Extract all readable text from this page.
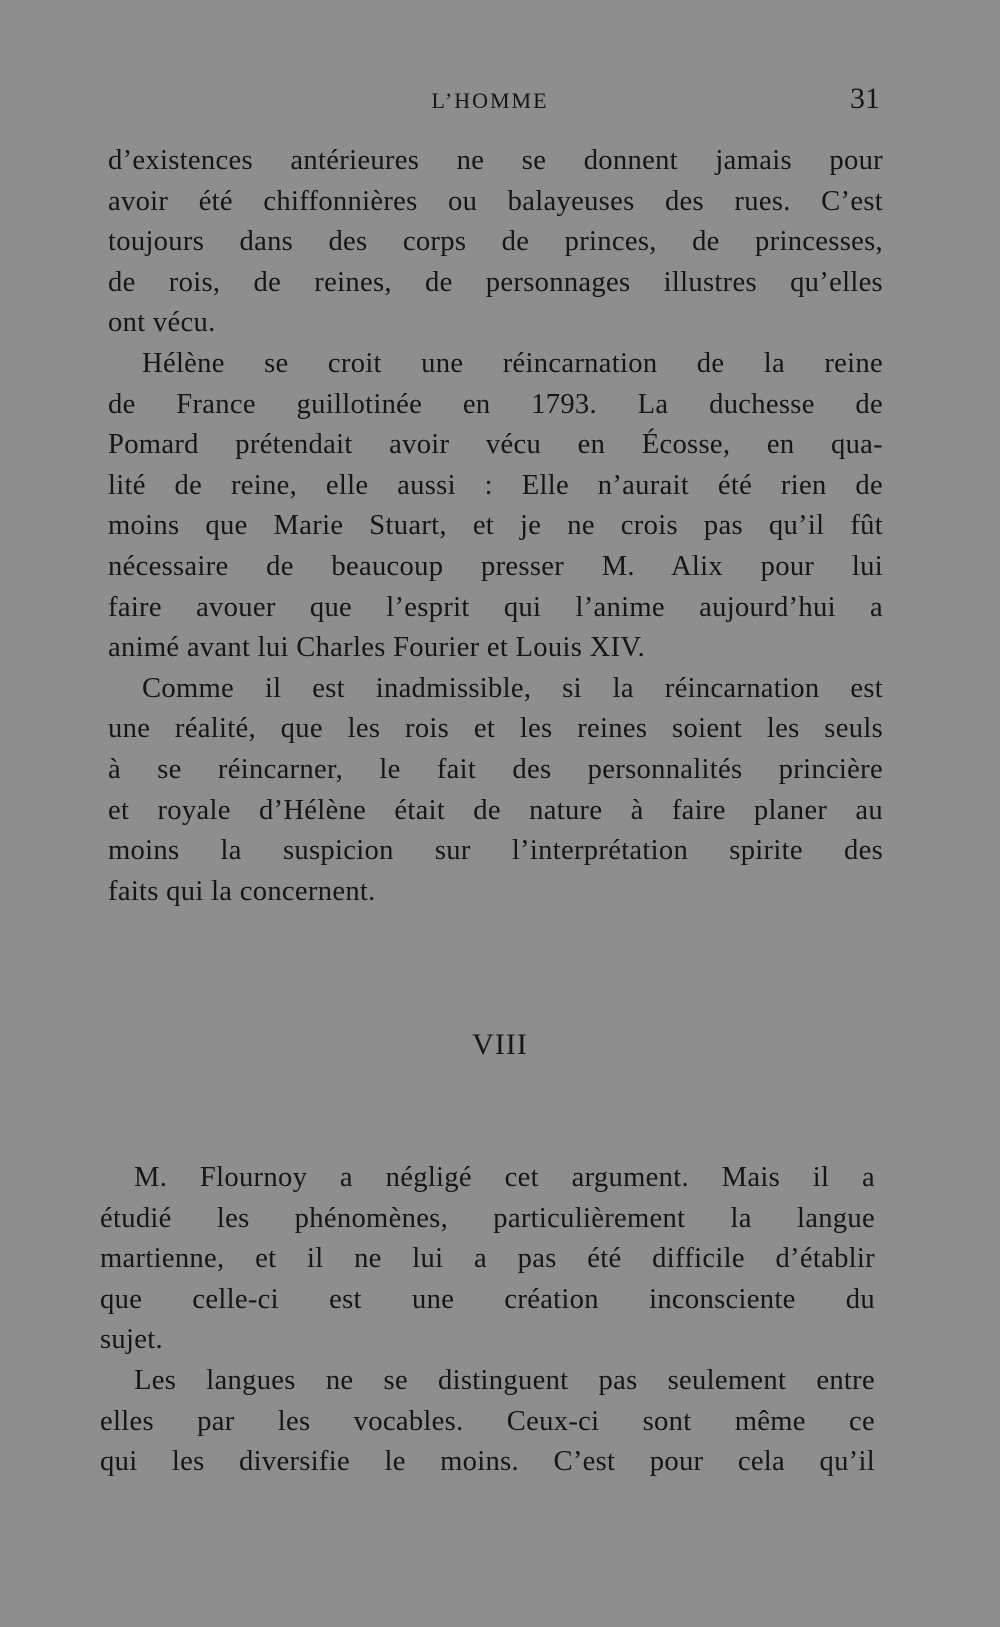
L’HOMME	31
d’existences antérieures ne se donnent jamais pour
avoir été chiffonnières ou balayeuses des rues. C’est
toujours dans des corps de princes, de princesses,
de rois, de reines, de personnages illustres qu’elles
ont vécu.
Hélène se croit une réincarnation de la reine
de France guillotinée en 1793. La duchesse de
Pomard prétendait avoir vécu en Écosse, en qua-
lité de reine, elle aussi : Elle n’aurait été rien de
moins que Marie Stuart, et je ne crois pas qu’il fût
nécessaire de beaucoup presser M. Alix pour lui
faire avouer que l’esprit qui l’anime aujourd’hui a
animé avant lui Charles Fourier et Louis XIV.
Comme il est inadmissible, si la réincarnation est
une réalité, que les rois et les reines soient les seuls
à se réincarner, le fait des personnalités princière
et royale d’Hélène était de nature à faire planer au
moins la suspicion sur l’interprétation spirite des
faits qui la concernent.
VIII
M. Flournoy a négligé cet argument. Mais il a
étudié les phénomènes, particulièrement la langue
martienne, et il ne lui a pas été difficile d’établir
que celle-ci est une création inconsciente du
sujet.
Les langues ne se distinguent pas seulement entre
elles par les vocables. Ceux-ci sont même ce
qui les diversifie le moins. C’est pour cela qu’il
